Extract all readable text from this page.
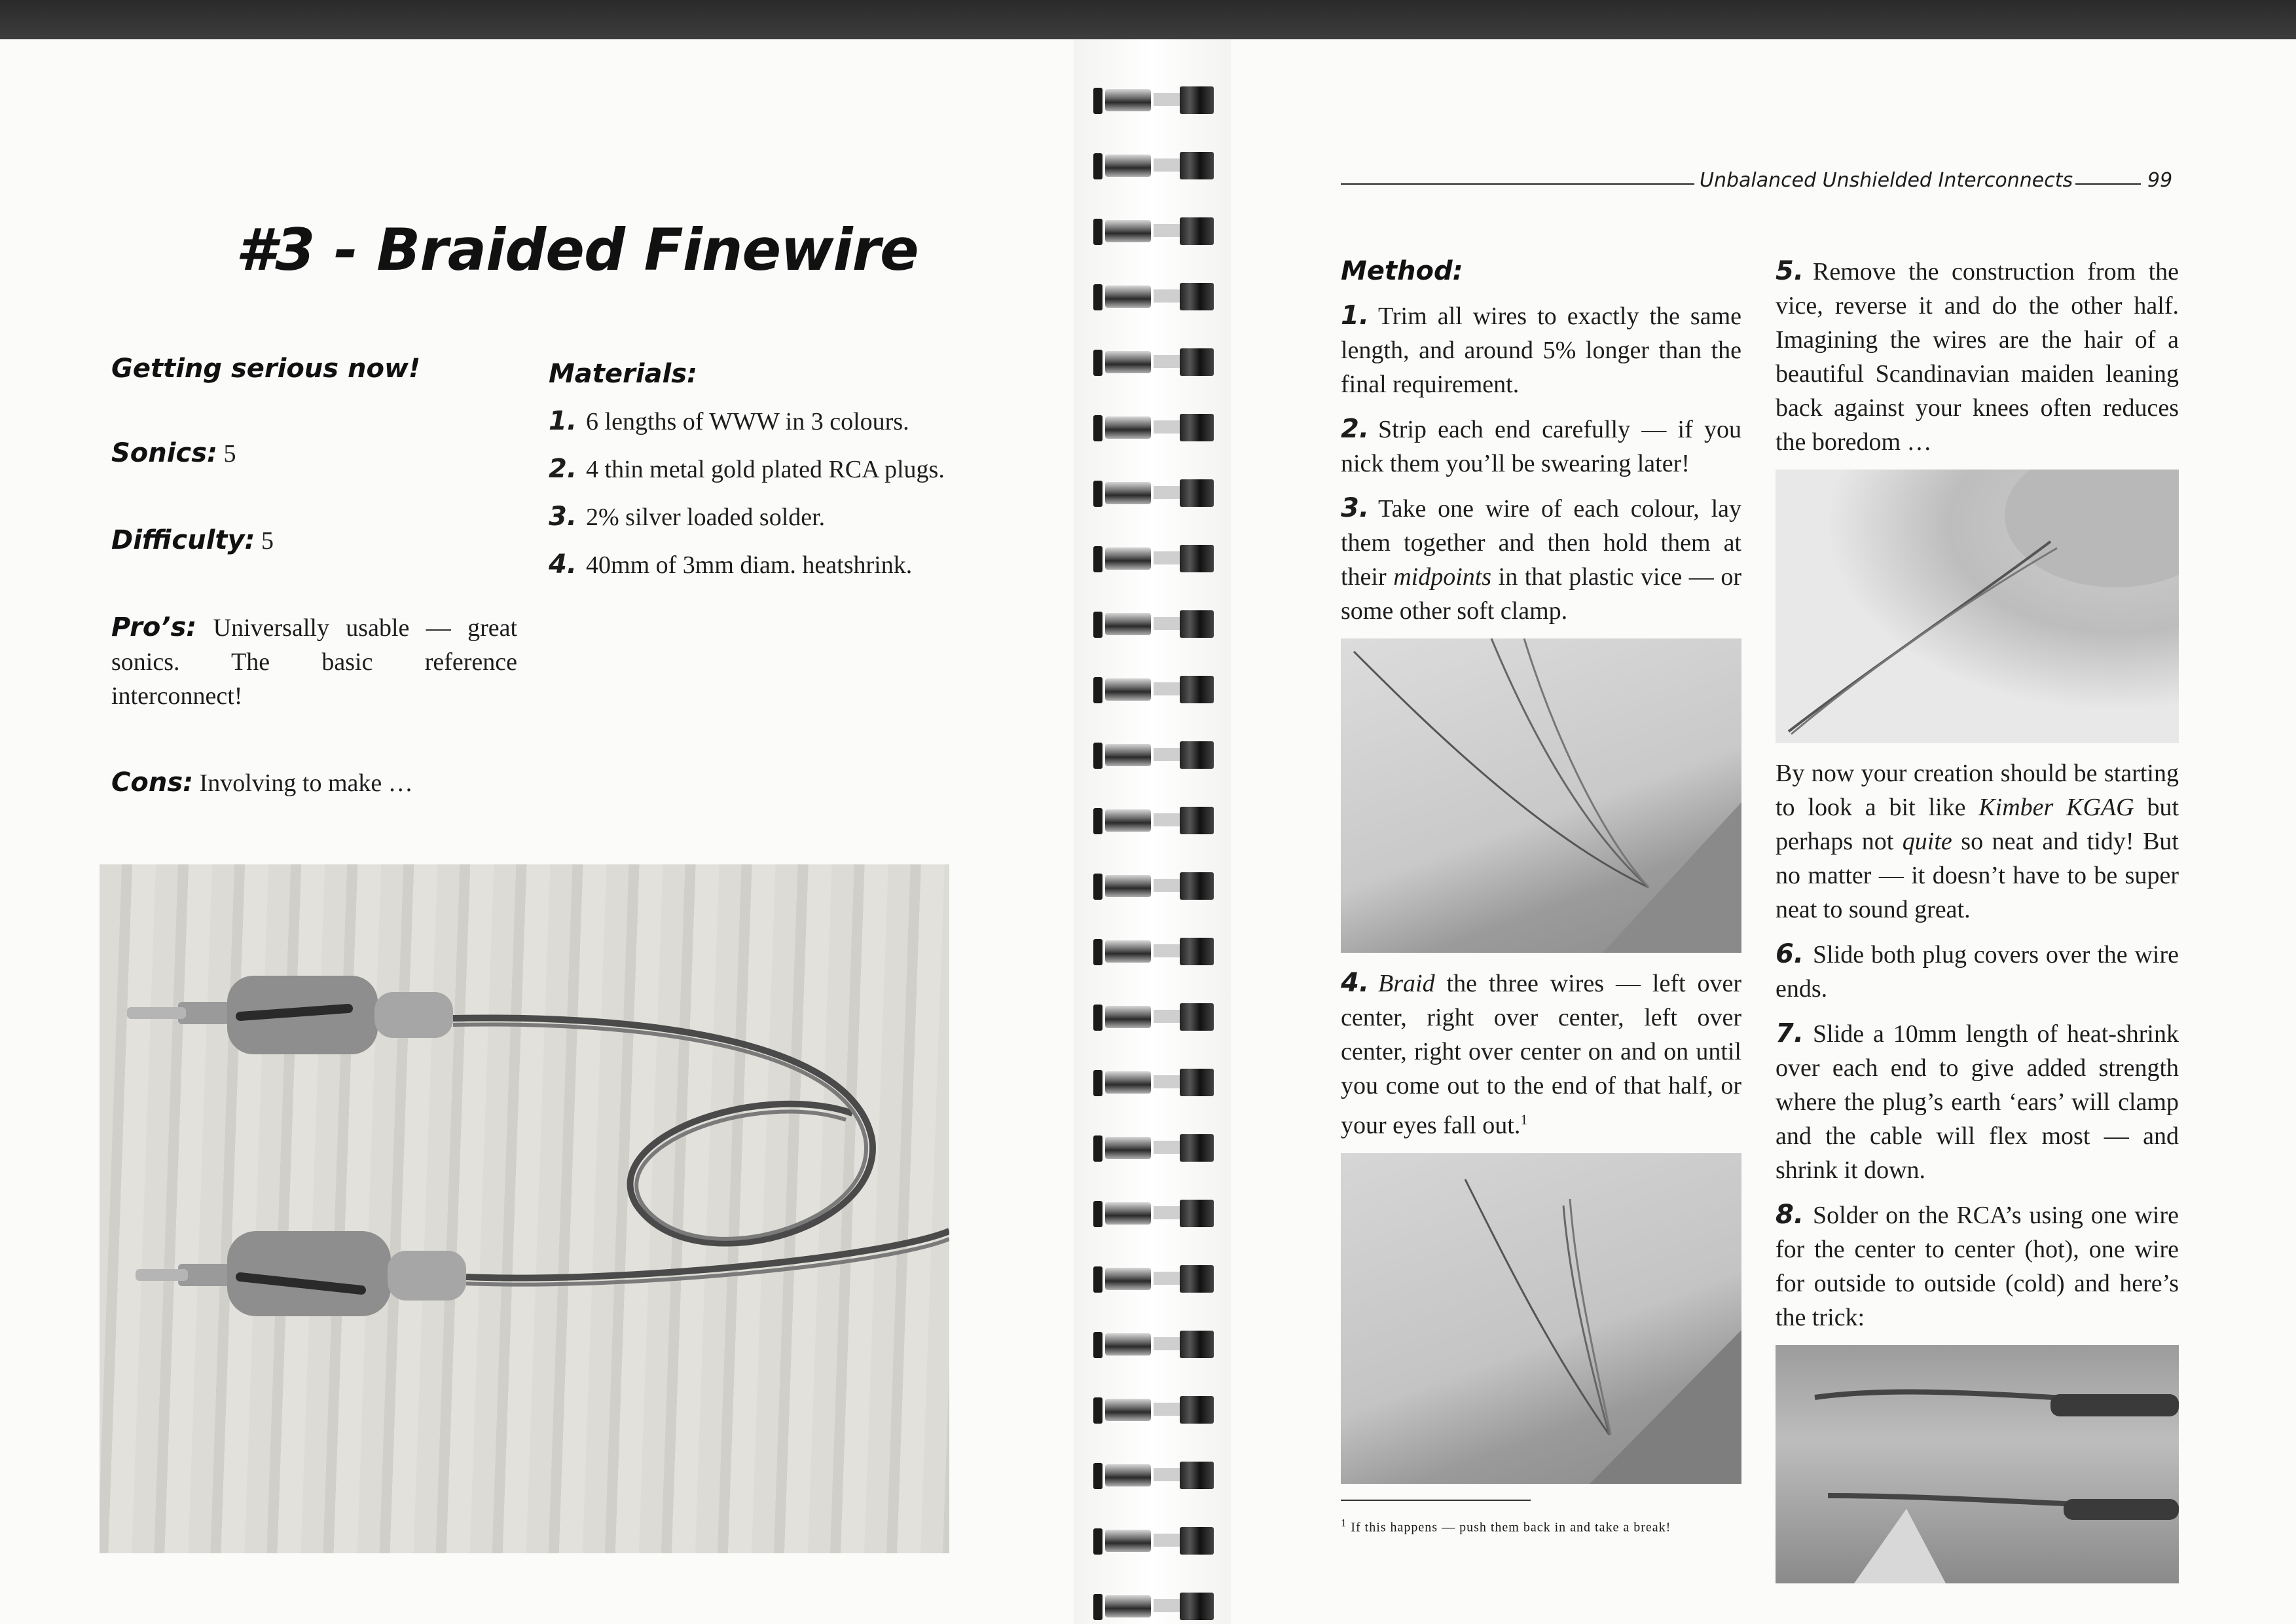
#3 - Braided Finewire
Getting serious now!
Sonics: 5
Difficulty: 5
Pro’s: Universally usable — great sonics. The basic reference interconnect!
Cons: Involving to make …
Materials:
1. 6 lengths of WWW in 3 colours.
2. 4 thin metal gold plated RCA plugs.
3. 2% silver loaded solder.
4. 40mm of 3mm diam. heatshrink.
Unbalanced Unshielded Interconnects	99
Method:
1. Trim all wires to exactly the same length, and around 5% longer than the final requirement.
2. Strip each end carefully — if you nick them you’ll be swearing later!
3. Take one wire of each colour, lay them together and then hold them at their midpoints in that plastic vice — or some other soft clamp.
4. Braid the three wires — left over center, right over center, left over center, right over center on and on until you come out to the end of that half, or your eyes fall out.$^1$
$^1$ If this happens — push them back in and take a break!
5. Remove the construction from the vice, reverse it and do the other half. Imagining the wires are the hair of a beautiful Scandinavian maiden leaning back against your knees often reduces the boredom …
By now your creation should be starting to look a bit like Kimber KGAG but perhaps not quite so neat and tidy! But no matter — it doesn’t have to be super neat to sound great.
6. Slide both plug covers over the wire ends.
7. Slide a 10mm length of heat-shrink over each end to give added strength where the plug’s earth ‘ears’ will clamp and the cable will flex most — and shrink it down.
8. Solder on the RCA’s using one wire for the center to center (hot), one wire for outside to outside (cold) and here’s the trick:
